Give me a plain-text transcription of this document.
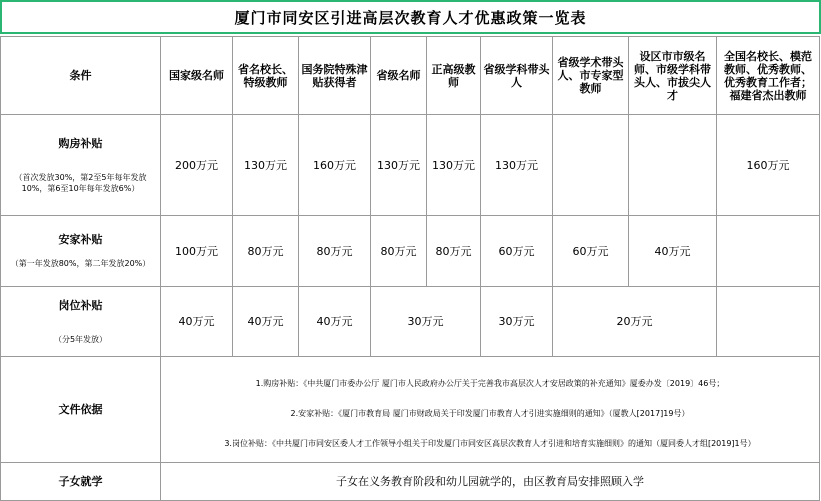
厦门市同安区引进高层次教育人才优惠政策一览表
条件	国家级名师	省名校长、特级教师	国务院特殊津贴获得者	省级名师	正高级教师	省级学科带头人	省级学术带头人、市专家型教师	设区市市级名师、市级学科带头人、市拔尖人才	全国名校长、模范教师、优秀教师、优秀教育工作者；福建省杰出教师

购房补贴
（首次发放30%，第2至5年每年发放10%，第6至10年每年发放6%）	200万元	130万元	160万元	130万元	130万元	130万元			160万元

安家补贴
（第一年发放80%，第二年发放20%）	100万元	80万元	80万元	80万元	80万元	60万元	60万元	40万元	

岗位补贴
（分5年发放）	40万元	40万元	40万元	30万元		30万元	20万元		
文件依据	1.购房补贴：《中共厦门市委办公厅 厦门市人民政府办公厅关于完善我市高层次人才安居政策的补充通知》厦委办发〔2019〕46号；
2.安家补贴：《厦门市教育局 厦门市财政局关于印发厦门市教育人才引进实施细则的通知》（厦教人[2017]19号）
3.岗位补贴：《中共厦门市同安区委人才工作领导小组关于印发厦门市同安区高层次教育人才引进和培育实施细则》的通知（厦同委人才组[2019]1号）								

子女就学	子女在义务教育阶段和幼儿园就学的，由区教育局安排照顾入学								
